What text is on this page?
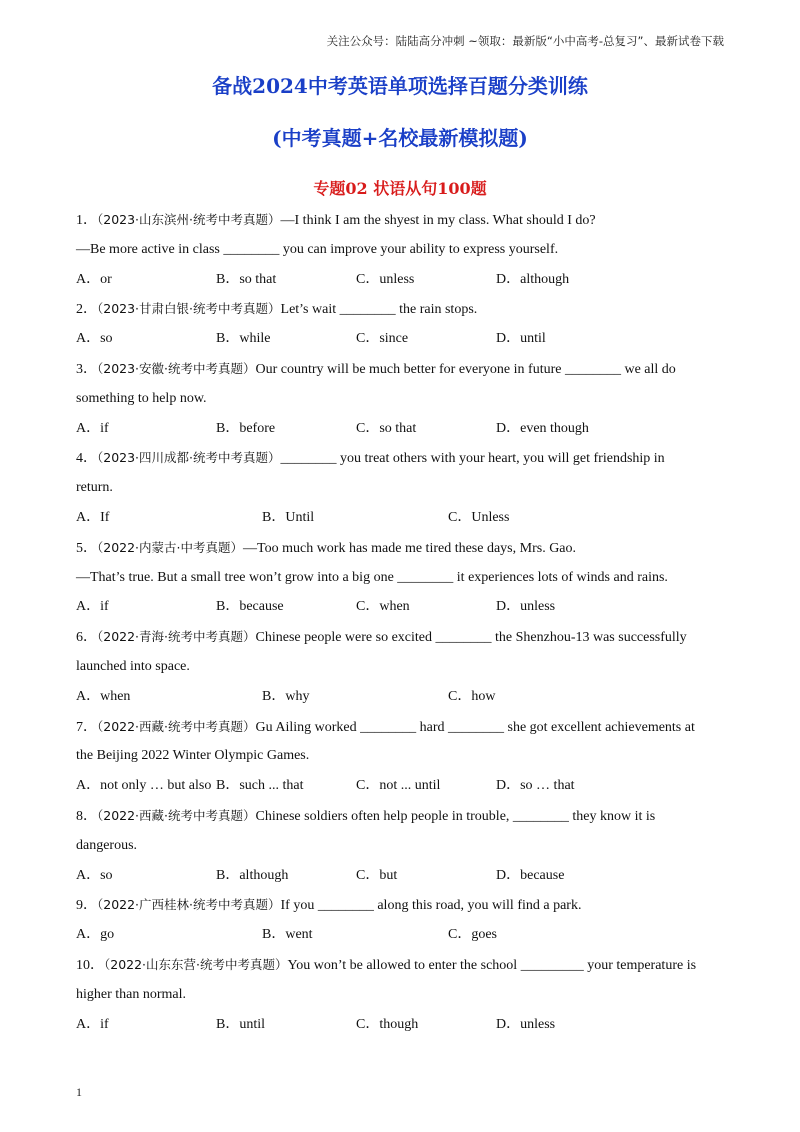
关注公众号：陆陆高分冲刺 ~领取：最新版“小中高考-总复习”、最新试卷下载
备战2024中考英语单项选择百题分类训练
(中考真题+名校最新模拟题)
专题02 状语从句100题
1．（2023·山东滨州·统考中考真题）—I think I am the shyest in my class. What should I do?
—Be more active in class ________ you can improve your ability to express yourself.
A．or	B．so that	C．unless	D．although
2．（2023·甘肃白银·统考中考真题）Let’s wait ________ the rain stops.
A．so	B．while	C．since	D．until
3．（2023·安徽·统考中考真题）Our country will be much better for everyone in future ________ we all do
something to help now.
A．if	B．before	C．so that	D．even though
4．（2023·四川成都·统考中考真题）________ you treat others with your heart, you will get friendship in
return.
A．If	B．Until	C．Unless
5．（2022·内蒙古·中考真题）—Too much work has made me tired these days, Mrs. Gao.
—That’s true. But a small tree won’t grow into a big one ________ it experiences lots of winds and rains.
A．if	B．because	C．when	D．unless
6．（2022·青海·统考中考真题）Chinese people were so excited ________ the Shenzhou-13 was successfully
launched into space.
A．when	B．why	C．how
7．（2022·西藏·统考中考真题）Gu Ailing worked ________ hard ________ she got excellent achievements at
the Beijing 2022 Winter Olympic Games.
A．not only … but also B．such ... that	C．not ... until	D．so … that
8．（2022·西藏·统考中考真题）Chinese soldiers often help people in trouble, ________ they know it is
dangerous.
A．so	B．although	C．but	D．because
9．（2022·广西桂林·统考中考真题）If you ________ along this road, you will find a park.
A．go	B．went	C．goes
10．（2022·山东东营·统考中考真题）You won’t be allowed to enter the school _________ your temperature is
higher than normal.
A．if	B．until	C．though	D．unless
1
